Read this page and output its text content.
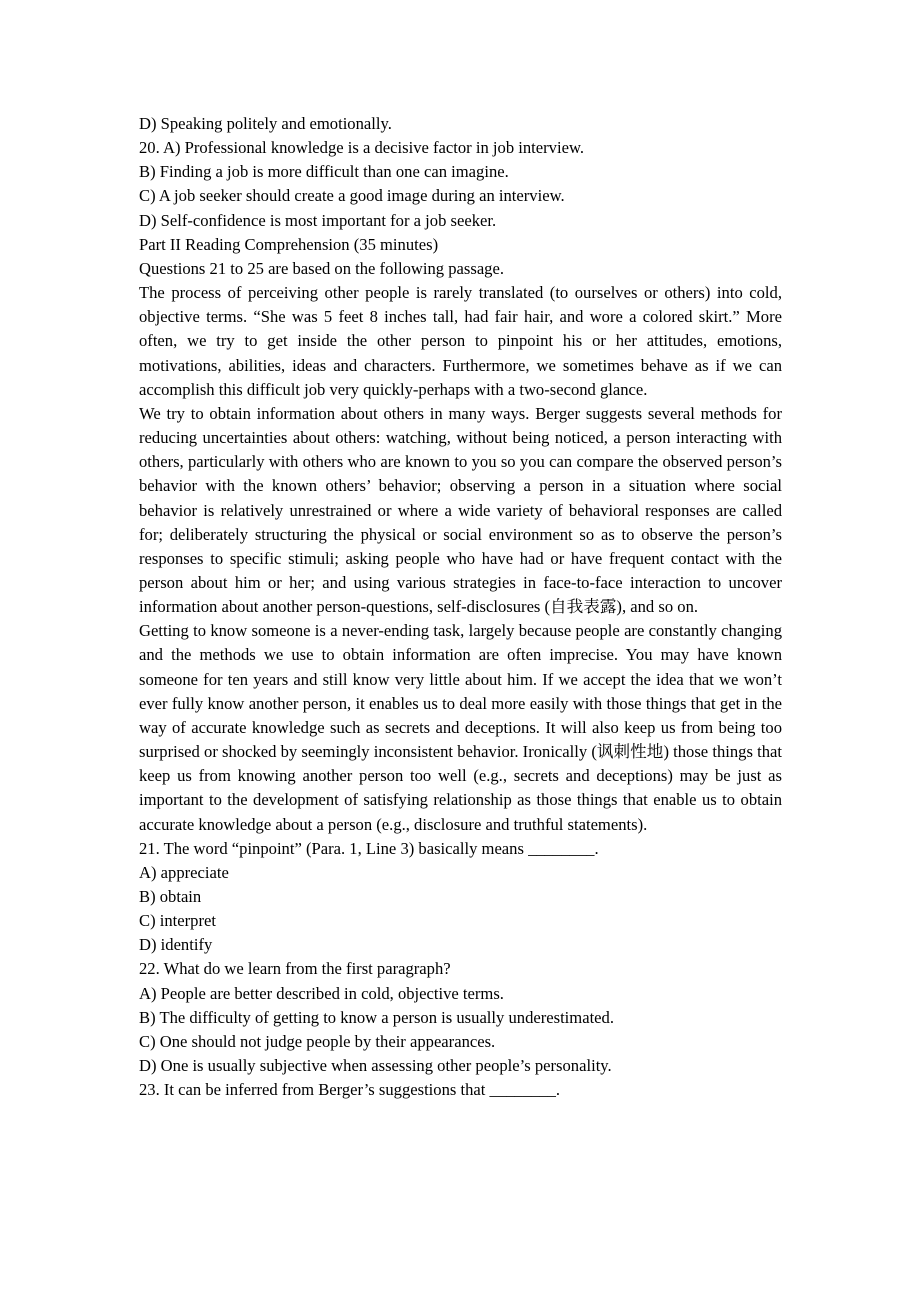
D) Speaking politely and emotionally.
20. A) Professional knowledge is a decisive factor in job interview.
B) Finding a job is more difficult than one can imagine.
C) A job seeker should create a good image during an interview.
D) Self-confidence is most important for a job seeker.
Part II Reading Comprehension (35 minutes)
Questions 21 to 25 are based on the following passage.

The process of perceiving other people is rarely translated (to ourselves or others) into cold, objective terms. “She was 5 feet 8 inches tall, had fair hair, and wore a colored skirt.” More often, we try to get inside the other person to pinpoint his or her attitudes, emotions, motivations, abilities, ideas and characters. Furthermore, we sometimes behave as if we can accomplish this difficult job very quickly-perhaps with a two-second glance.

We try to obtain information about others in many ways. Berger suggests several methods for reducing uncertainties about others: watching, without being noticed, a person interacting with others, particularly with others who are known to you so you can compare the observed person’s behavior with the known others’ behavior; observing a person in a situation where social behavior is relatively unrestrained or where a wide variety of behavioral responses are called for; deliberately structuring the physical or social environment so as to observe the person’s responses to specific stimuli; asking people who have had or have frequent contact with the person about him or her; and using various strategies in face-to-face interaction to uncover information about another person-questions, self-disclosures (自我表露), and so on.

Getting to know someone is a never-ending task, largely because people are constantly changing and the methods we use to obtain information are often imprecise. You may have known someone for ten years and still know very little about him. If we accept the idea that we won’t ever fully know another person, it enables us to deal more easily with those things that get in the way of accurate knowledge such as secrets and deceptions. It will also keep us from being too surprised or shocked by seemingly inconsistent behavior. Ironically (讽刺性地) those things that keep us from knowing another person too well (e.g., secrets and deceptions) may be just as important to the development of satisfying relationship as those things that enable us to obtain accurate knowledge about a person (e.g., disclosure and truthful statements).

21. The word “pinpoint” (Para. 1, Line 3) basically means ________.
A) appreciate
B) obtain
C) interpret
D) identify
22. What do we learn from the first paragraph?
A) People are better described in cold, objective terms.
B) The difficulty of getting to know a person is usually underestimated.
C) One should not judge people by their appearances.
D) One is usually subjective when assessing other people’s personality.
23. It can be inferred from Berger’s suggestions that ________.
